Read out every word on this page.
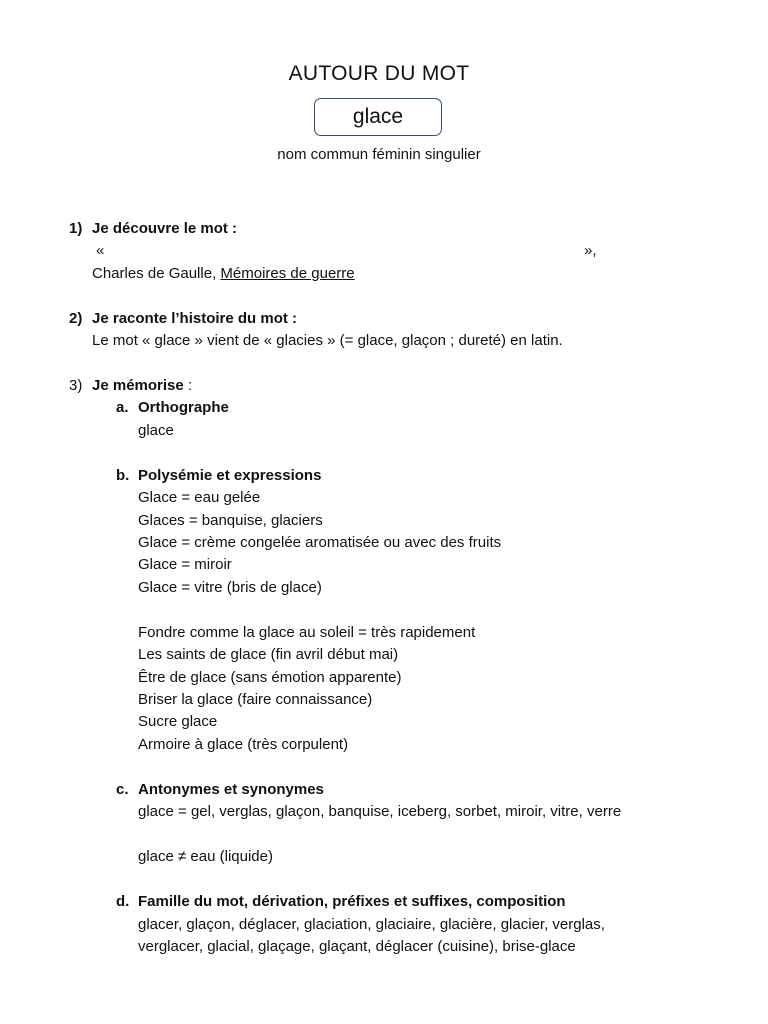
AUTOUR DU MOT
glace
nom commun féminin singulier
1) Je découvre le mot :
«	»,
Charles de Gaulle, Mémoires de guerre
2) Je raconte l’histoire du mot :
Le mot « glace » vient de « glacies » (= glace, glaçon ; dureté) en latin.
3) Je mémorise :
a. Orthographe
glace
b. Polysémie et expressions
Glace = eau gelée
Glaces = banquise, glaciers
Glace = crème congelée aromatisée ou avec des fruits
Glace = miroir
Glace = vitre (bris de glace)
Fondre comme la glace au soleil = très rapidement
Les saints de glace (fin avril début mai)
Être de glace (sans émotion apparente)
Briser la glace (faire connaissance)
Sucre glace
Armoire à glace (très corpulent)
c. Antonymes et synonymes
glace = gel, verglas, glaçon, banquise, iceberg, sorbet, miroir, vitre, verre
glace ≠ eau (liquide)
d. Famille du mot, dérivation, préfixes et suffixes, composition
glacer, glaçon, déglacer, glaciation, glaciaire, glacière, glacier, verglas,
verglacer, glacial, glaçage, glaçant, déglacer (cuisine), brise-glace
